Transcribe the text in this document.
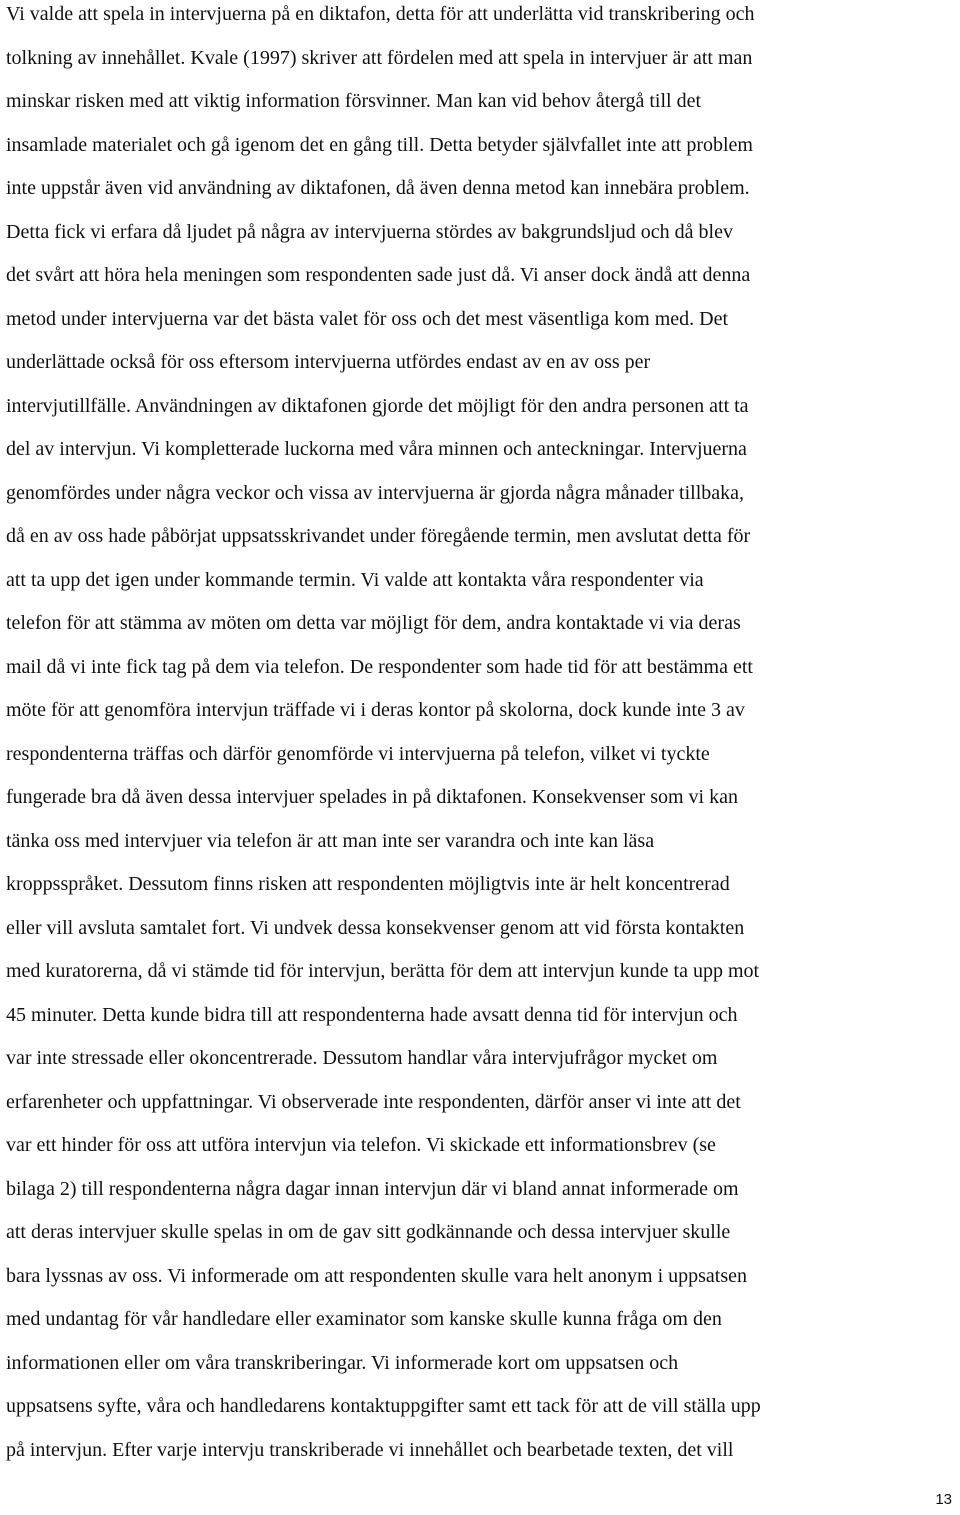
Vi valde att spela in intervjuerna på en diktafon, detta för att underlätta vid transkribering och
tolkning av innehållet. Kvale (1997) skriver att fördelen med att spela in intervjuer är att man
minskar risken med att viktig information försvinner. Man kan vid behov återgå till det
insamlade materialet och gå igenom det en gång till. Detta betyder självfallet inte att problem
inte uppstår även vid användning av diktafonen, då även denna metod kan innebära problem.
Detta fick vi erfara då ljudet på några av intervjuerna stördes av bakgrundsljud och då blev
det svårt att höra hela meningen som respondenten sade just då. Vi anser dock ändå att denna
metod under intervjuerna var det bästa valet för oss och det mest väsentliga kom med. Det
underlättade också för oss eftersom intervjuerna utfördes endast av en av oss per
intervjutillfälle. Användningen av diktafonen gjorde det möjligt för den andra personen att ta
del av intervjun. Vi kompletterade luckorna med våra minnen och anteckningar. Intervjuerna
genomfördes under några veckor och vissa av intervjuerna är gjorda några månader tillbaka,
då en av oss hade påbörjat uppsatsskrivandet under föregående termin, men avslutat detta för
att ta upp det igen under kommande termin. Vi valde att kontakta våra respondenter via
telefon för att stämma av möten om detta var möjligt för dem, andra kontaktade vi via deras
mail då vi inte fick tag på dem via telefon. De respondenter som hade tid för att bestämma ett
möte för att genomföra intervjun träffade vi i deras kontor på skolorna, dock kunde inte 3 av
respondenterna träffas och därför genomförde vi intervjuerna på telefon, vilket vi tyckte
fungerade bra då även dessa intervjuer spelades in på diktafonen. Konsekvenser som vi kan
tänka oss med intervjuer via telefon är att man inte ser varandra och inte kan läsa
kroppsspråket. Dessutom finns risken att respondenten möjligtvis inte är helt koncentrerad
eller vill avsluta samtalet fort. Vi undvek dessa konsekvenser genom att vid första kontakten
med kuratorerna, då vi stämde tid för intervjun, berätta för dem att intervjun kunde ta upp mot
45 minuter. Detta kunde bidra till att respondenterna hade avsatt denna tid för intervjun och
var inte stressade eller okoncentrerade. Dessutom handlar våra intervjufrågor mycket om
erfarenheter och uppfattningar. Vi observerade inte respondenten, därför anser vi inte att det
var ett hinder för oss att utföra intervjun via telefon. Vi skickade ett informationsbrev (se
bilaga 2) till respondenterna några dagar innan intervjun där vi bland annat informerade om
att deras intervjuer skulle spelas in om de gav sitt godkännande och dessa intervjuer skulle
bara lyssnas av oss. Vi informerade om att respondenten skulle vara helt anonym i uppsatsen
med undantag för vår handledare eller examinator som kanske skulle kunna fråga om den
informationen eller om våra transkriberingar. Vi informerade kort om uppsatsen och
uppsatsens syfte, våra och handledarens kontaktuppgifter samt ett tack för att de vill ställa upp
på intervjun. Efter varje intervju transkriberade vi innehållet och bearbetade texten, det vill
13
